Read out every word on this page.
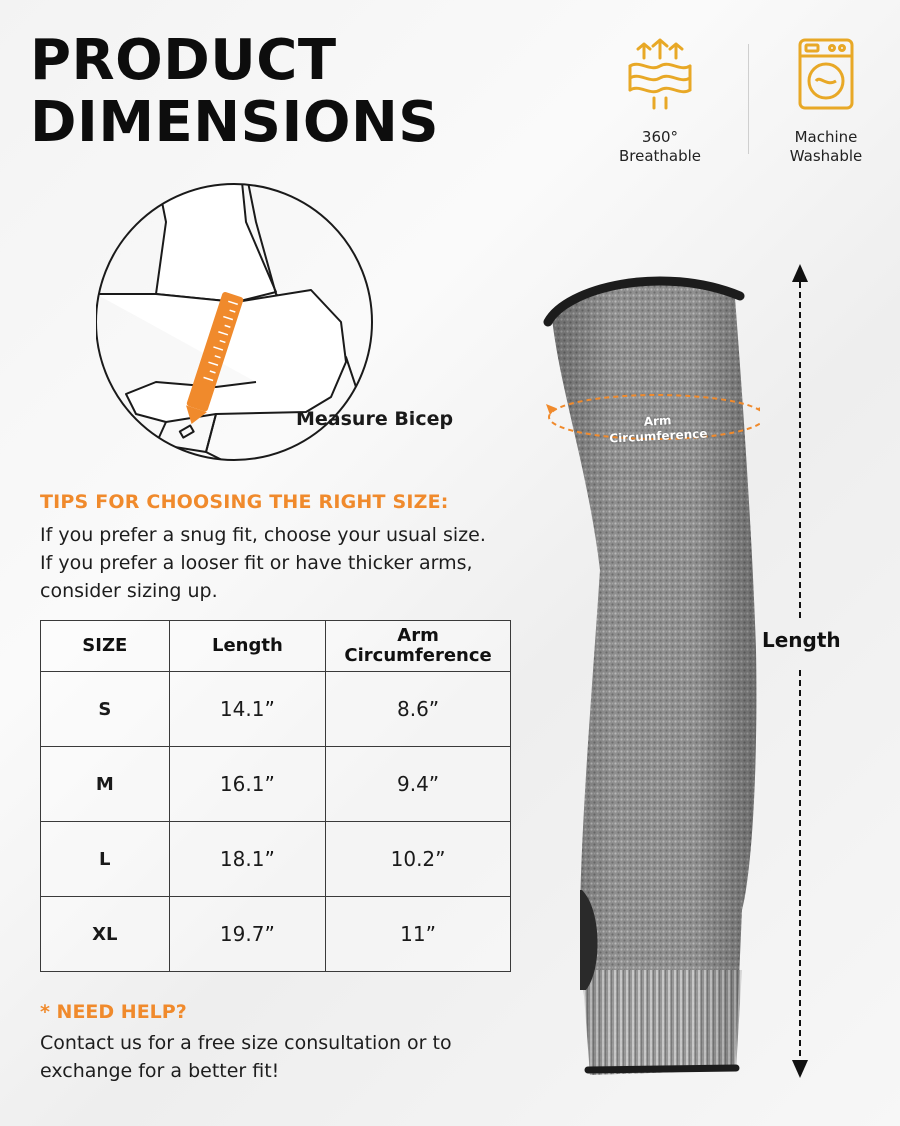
PRODUCT
DIMENSIONS	360°
Breathable
Machine
Washable
Measure Bicep
TIPS FOR CHOOSING THE RIGHT SIZE:
If you prefer a snug fit, choose your usual size.
If you prefer a looser fit or have thicker arms,
consider sizing up.
SIZE	Length	Arm
Circumference
S	14.1”	8.6”
M	16.1”	9.4”
L	18.1”	10.2”
XL	19.7”	11”
* NEED HELP?
Contact us for a free size consultation or to
exchange for a better fit!
Arm
Circumference
Length
